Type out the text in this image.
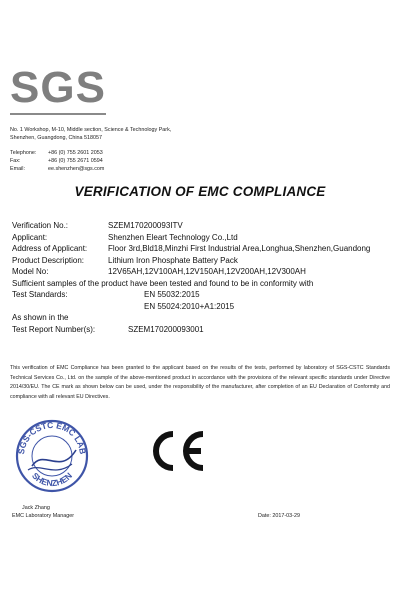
SGS
No. 1 Workshop, M-10, Middle section, Science & Technology Park,
Shenzhen, Guangdong, China 518057
Telephone:	+86 (0) 755 2601 2053
Fax:	+86 (0) 755 2671 0594
Email:	ee.shenzhen@sgs.com
VERIFICATION OF EMC COMPLIANCE
Verification No.:	SZEM170200093ITV
Applicant:	Shenzhen Eleart Technology Co.,Ltd
Address of Applicant:	Floor 3rd,Bld18,Minzhi First Industrial Area,Longhua,Shenzhen,Guandong
Product Description:	Lithium Iron Phosphate Battery Pack
Model No:	12V65AH,12V100AH,12V150AH,12V200AH,12V300AH
Sufficient samples of the product have been tested and found to be in conformity with
Test Standards:	EN 55032:2015
EN 55024:2010+A1:2015
As shown in the
Test Report Number(s):	SZEM170200093001
This verification of EMC Compliance has been granted to the applicant based on the results of the tests, performed by laboratory of SGS-CSTC Standards Technical Services Co., Ltd. on the sample of the above-mentioned product in accordance with the provisions of the relevant specific standards under Directive 2014/30/EU. The CE mark as shown below can be used, under the responsibility of the manufacturer, after completion of an EU Declaration of Conformity and compliance with all relevant EU Directives.
SGS-CSTC EMC LAB
SHENZHEN
Jack Zhang
EMC Laboratory Manager	Date: 2017-03-29
